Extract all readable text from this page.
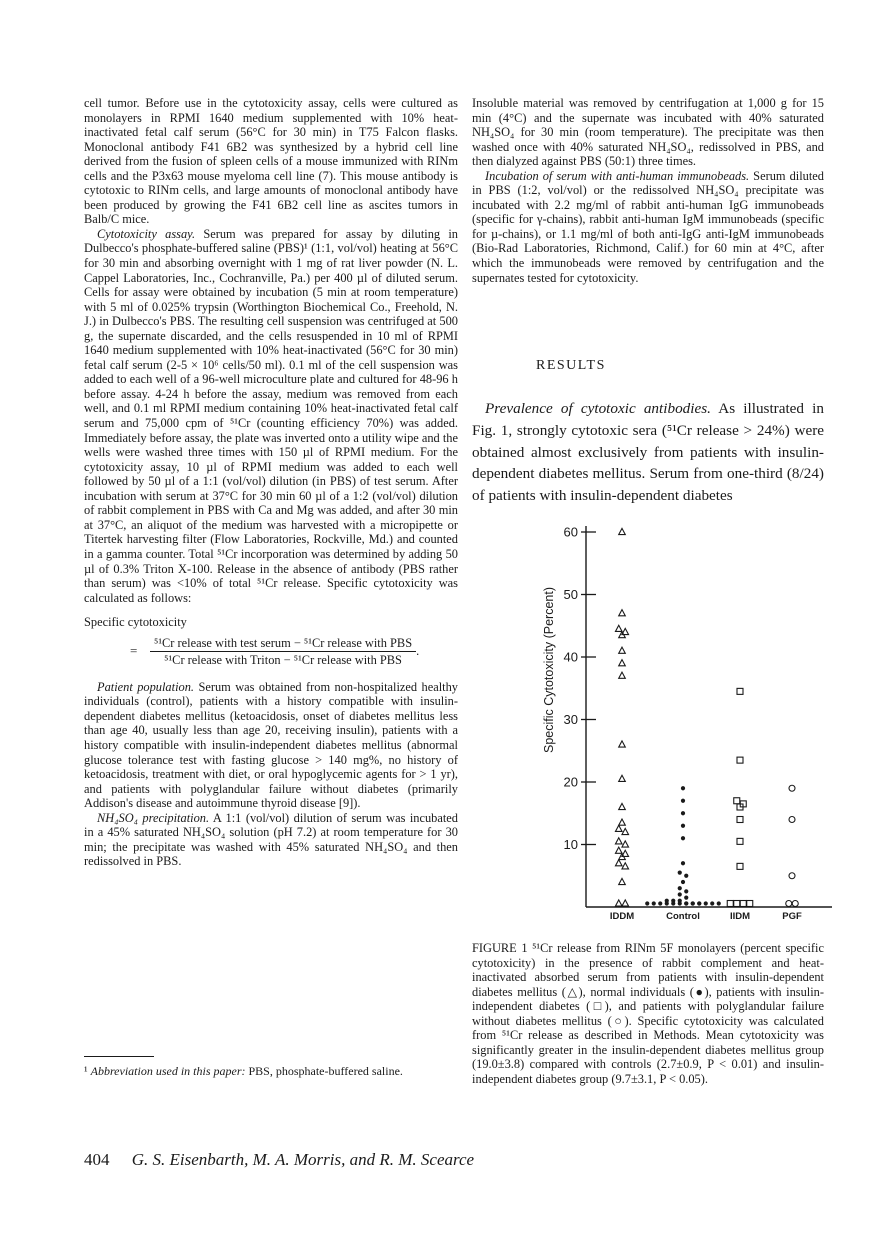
cell tumor. Before use in the cytotoxicity assay, cells were cultured as monolayers in RPMI 1640 medium supplemented with 10% heat-inactivated fetal calf serum (56°C for 30 min) in T75 Falcon flasks. Monoclonal antibody F41 6B2 was synthesized by a hybrid cell line derived from the fusion of spleen cells of a mouse immunized with RINm cells and the P3x63 mouse myeloma cell line (7). This mouse antibody is cytotoxic to RINm cells, and large amounts of monoclonal antibody have been produced by growing the F41 6B2 cell line as ascites tumors in Balb/C mice.

Cytotoxicity assay. Serum was prepared for assay by diluting in Dulbecco's phosphate-buffered saline (PBS)¹ (1:1, vol/vol) heating at 56°C for 30 min and absorbing overnight with 1 mg of rat liver powder (N. L. Cappel Laboratories, Inc., Cochranville, Pa.) per 400 µl of diluted serum. Cells for assay were obtained by incubation (5 min at room temperature) with 5 ml of 0.025% trypsin (Worthington Biochemical Co., Freehold, N. J.) in Dulbecco's PBS. The resulting cell suspension was centrifuged at 500 g, the supernate discarded, and the cells resuspended in 10 ml of RPMI 1640 medium supplemented with 10% heat-inactivated (56°C for 30 min) fetal calf serum (2-5 × 10⁶ cells/50 ml). 0.1 ml of the cell suspension was added to each well of a 96-well microculture plate and cultured for 48-96 h before assay. 4-24 h before the assay, medium was removed from each well, and 0.1 ml RPMI medium containing 10% heat-inactivated fetal calf serum and 75,000 cpm of ⁵¹Cr (counting efficiency 70%) was added. Immediately before assay, the plate was inverted onto a utility wipe and the wells were washed three times with 150 µl of RPMI medium. For the cytotoxicity assay, 10 µl of RPMI medium was added to each well followed by 50 µl of a 1:1 (vol/vol) dilution (in PBS) of test serum. After incubation with serum at 37°C for 30 min 60 µl of a 1:2 (vol/vol) dilution of rabbit complement in PBS with Ca and Mg was added, and after 30 min at 37°C, an aliquot of the medium was harvested with a micropipette or Titertek harvesting filter (Flow Laboratories, Rockville, Md.) and counted in a gamma counter. Total ⁵¹Cr incorporation was determined by adding 50 µl of 0.3% Triton X-100. Release in the absence of antibody (PBS rather than serum) was <10% of total ⁵¹Cr release. Specific cytotoxicity was calculated as follows:

Specific cytotoxicity
=	$\frac{\text{⁵¹Cr release with test serum − ⁵¹Cr release with PBS}}{\text{⁵¹Cr release with Triton − ⁵¹Cr release with PBS}}$ .

Patient population. Serum was obtained from non-hospitalized healthy individuals (control), patients with a history compatible with insulin-dependent diabetes mellitus (ketoacidosis, onset of diabetes mellitus less than age 40, usually less than age 20, receiving insulin), patients with a history compatible with insulin-independent diabetes mellitus (abnormal glucose tolerance test with fasting glucose > 140 mg%, no history of ketoacidosis, treatment with diet, or oral hypoglycemic agents for > 1 yr), and patients with polyglandular failure without diabetes (primarily Addison's disease and autoimmune thyroid disease [9]).

NH₄SO₄ precipitation. A 1:1 (vol/vol) dilution of serum was incubated in a 45% saturated NH₄SO₄ solution (pH 7.2) at room temperature for 30 min; the precipitate was washed with 45% saturated NH₄SO₄ and then redissolved in PBS.

¹ Abbreviation used in this paper: PBS, phosphate-buffered saline.

Insoluble material was removed by centrifugation at 1,000 g for 15 min (4°C) and the supernate was incubated with 40% saturated NH₄SO₄ for 30 min (room temperature). The precipitate was then washed once with 40% saturated NH₄SO₄, redissolved in PBS, and then dialyzed against PBS (50:1) three times.

Incubation of serum with anti-human immunobeads. Serum diluted in PBS (1:2, vol/vol) or the redissolved NH₄SO₄ precipitate was incubated with 2.2 mg/ml of rabbit anti-human IgG immunobeads (specific for γ-chains), rabbit anti-human IgM immunobeads (specific for µ-chains), or 1.1 mg/ml of both anti-IgG anti-IgM immunobeads (Bio-Rad Laboratories, Richmond, Calif.) for 60 min at 4°C, after which the immunobeads were removed by centrifugation and the supernates tested for cytotoxicity.

RESULTS

Prevalence of cytotoxic antibodies. As illustrated in Fig. 1, strongly cytotoxic sera (⁵¹Cr release > 24%) were obtained almost exclusively from patients with insulin-dependent diabetes mellitus. Serum from one-third (8/24) of patients with insulin-dependent diabetes

10
20
30
40
50
60
IDDM	Control	IIDM	PGF
Specific Cytotoxicity (Percent)
FIGURE 1 ⁵¹Cr release from RINm 5F monolayers (percent specific cytotoxicity) in the presence of rabbit complement and heat-inactivated absorbed serum from patients with insulin-dependent diabetes mellitus (△), normal individuals (●), patients with insulin-independent diabetes (□), and patients with polyglandular failure without diabetes mellitus (○). Specific cytotoxicity was calculated from ⁵¹Cr release as described in Methods. Mean cytotoxicity was significantly greater in the insulin-dependent diabetes mellitus group (19.0±3.8) compared with controls (2.7±0.9, P < 0.01) and insulin-independent diabetes group (9.7±3.1, P < 0.05).
404 G. S. Eisenbarth, M. A. Morris, and R. M. Scearce
